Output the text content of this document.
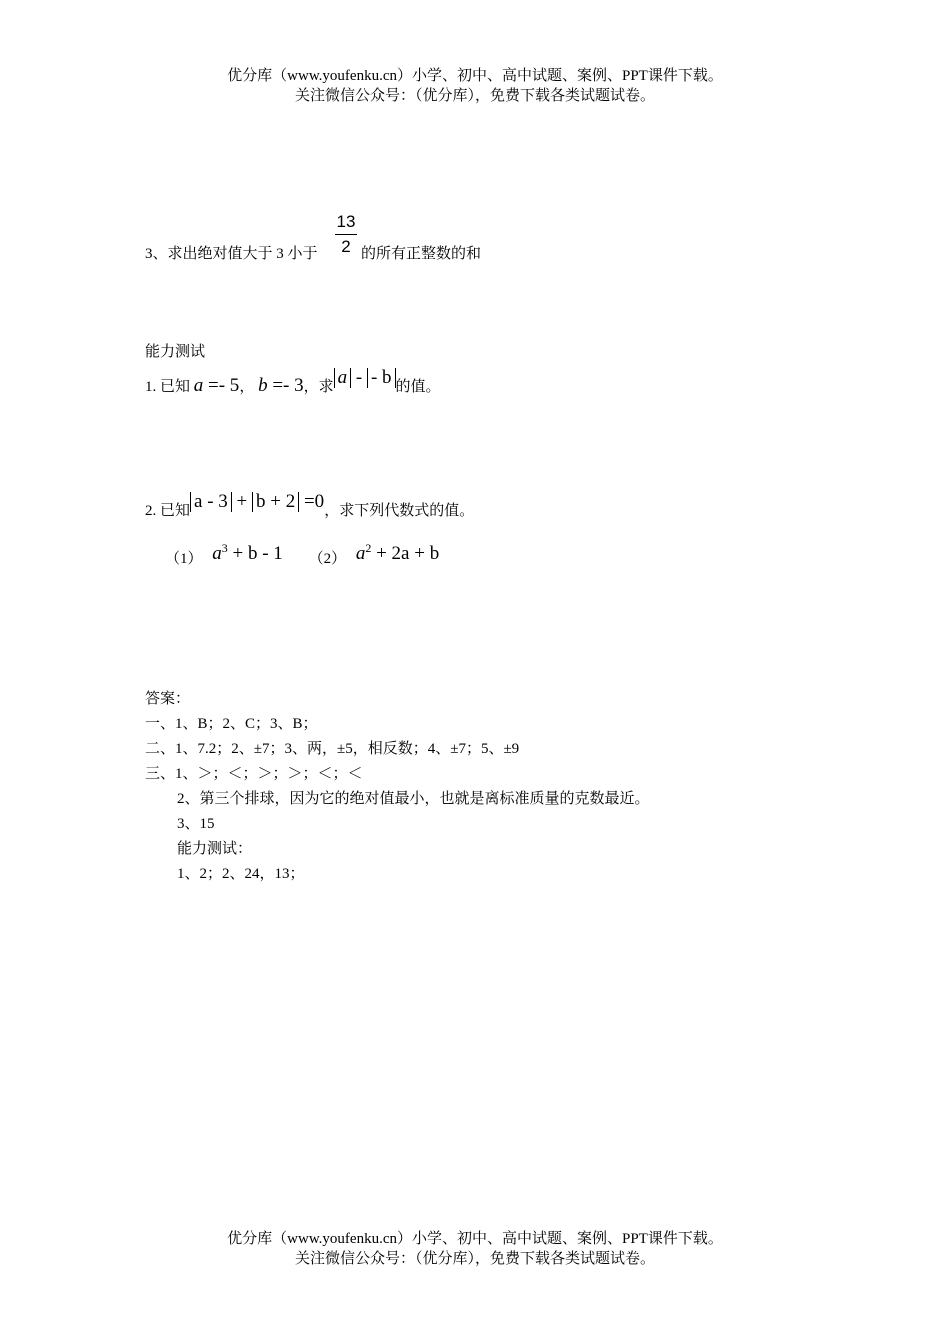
优分库（www.youfenku.cn）小学、初中、高中试题、案例、PPT课件下载。
关注微信公众号：（优分库），免费下载各类试题试卷。
3、求出绝对值大于 3 小于
13
2 的所有正整数的和
能力测试
1. 已知 a =- 5， b =- 3，求 a - - b 的值。
2. 已知 a - 3 + b + 2 =0，求下列代数式的值。
（1） $a^3 + b - 1$ （2） $a^2 + 2a + b$
答案：
一、1、B；2、C；3、B；
二、1、7.2；2、±7；3、两，±5，相反数；4、±7；5、±9
三、1、＞；＜；＞；＞；＜；＜
2、第三个排球，因为它的绝对值最小，也就是离标准质量的克数最近。
3、15
能力测试：
1、2；2、24，13；
优分库（www.youfenku.cn）小学、初中、高中试题、案例、PPT课件下载。
关注微信公众号：（优分库），免费下载各类试题试卷。
